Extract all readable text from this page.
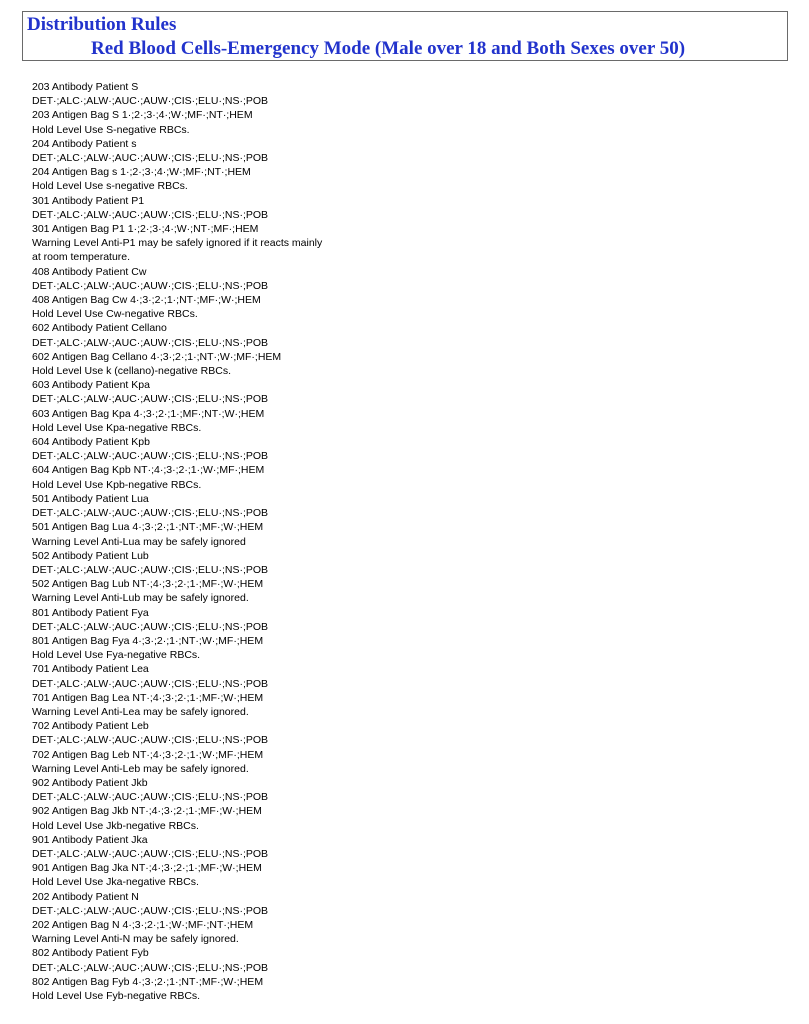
Distribution Rules
Red Blood Cells-Emergency Mode (Male over 18 and Both Sexes over 50)
203 Antibody Patient S
DET·;ALC·;ALW·;AUC·;AUW·;CIS·;ELU·;NS·;POB
203 Antigen Bag S 1·;2·;3·;4·;W·;MF·;NT·;HEM
Hold Level Use S-negative RBCs.
204 Antibody Patient s
DET·;ALC·;ALW·;AUC·;AUW·;CIS·;ELU·;NS·;POB
204 Antigen Bag s 1·;2·;3·;4·;W·;MF·;NT·;HEM
Hold Level Use s-negative RBCs.
301 Antibody Patient P1
DET·;ALC·;ALW·;AUC·;AUW·;CIS·;ELU·;NS·;POB
301 Antigen Bag P1 1·;2·;3·;4·;W·;NT·;MF·;HEM
Warning Level Anti-P1 may be safely ignored if it reacts mainly
at room temperature.
408 Antibody Patient Cw
DET·;ALC·;ALW·;AUC·;AUW·;CIS·;ELU·;NS·;POB
408 Antigen Bag Cw 4·;3·;2·;1·;NT·;MF·;W·;HEM
Hold Level Use Cw-negative RBCs.
602 Antibody Patient Cellano
DET·;ALC·;ALW·;AUC·;AUW·;CIS·;ELU·;NS·;POB
602 Antigen Bag Cellano 4·;3·;2·;1·;NT·;W·;MF·;HEM
Hold Level Use k (cellano)-negative RBCs.
603 Antibody Patient Kpa
DET·;ALC·;ALW·;AUC·;AUW·;CIS·;ELU·;NS·;POB
603 Antigen Bag Kpa 4·;3·;2·;1·;MF·;NT·;W·;HEM
Hold Level Use Kpa-negative RBCs.
604 Antibody Patient Kpb
DET·;ALC·;ALW·;AUC·;AUW·;CIS·;ELU·;NS·;POB
604 Antigen Bag Kpb NT·;4·;3·;2·;1·;W·;MF·;HEM
Hold Level Use Kpb-negative RBCs.
501 Antibody Patient Lua
DET·;ALC·;ALW·;AUC·;AUW·;CIS·;ELU·;NS·;POB
501 Antigen Bag Lua 4·;3·;2·;1·;NT·;MF·;W·;HEM
Warning Level Anti-Lua may be safely ignored
502 Antibody Patient Lub
DET·;ALC·;ALW·;AUC·;AUW·;CIS·;ELU·;NS·;POB
502 Antigen Bag Lub NT·;4·;3·;2·;1·;MF·;W·;HEM
Warning Level Anti-Lub may be safely ignored.
801 Antibody Patient Fya
DET·;ALC·;ALW·;AUC·;AUW·;CIS·;ELU·;NS·;POB
801 Antigen Bag Fya 4·;3·;2·;1·;NT·;W·;MF·;HEM
Hold Level Use Fya-negative RBCs.
701 Antibody Patient Lea
DET·;ALC·;ALW·;AUC·;AUW·;CIS·;ELU·;NS·;POB
701 Antigen Bag Lea NT·;4·;3·;2·;1·;MF·;W·;HEM
Warning Level Anti-Lea may be safely ignored.
702 Antibody Patient Leb
DET·;ALC·;ALW·;AUC·;AUW·;CIS·;ELU·;NS·;POB
702 Antigen Bag Leb NT·;4·;3·;2·;1·;W·;MF·;HEM
Warning Level Anti-Leb may be safely ignored.
902 Antibody Patient Jkb
DET·;ALC·;ALW·;AUC·;AUW·;CIS·;ELU·;NS·;POB
902 Antigen Bag Jkb NT·;4·;3·;2·;1·;MF·;W·;HEM
Hold Level Use Jkb-negative RBCs.
901 Antibody Patient Jka
DET·;ALC·;ALW·;AUC·;AUW·;CIS·;ELU·;NS·;POB
901 Antigen Bag Jka NT·;4·;3·;2·;1·;MF·;W·;HEM
Hold Level Use Jka-negative RBCs.
202 Antibody Patient N
DET·;ALC·;ALW·;AUC·;AUW·;CIS·;ELU·;NS·;POB
202 Antigen Bag N 4·;3·;2·;1·;W·;MF·;NT·;HEM
Warning Level Anti-N may be safely ignored.
802 Antibody Patient Fyb
DET·;ALC·;ALW·;AUC·;AUW·;CIS·;ELU·;NS·;POB
802 Antigen Bag Fyb 4·;3·;2·;1·;NT·;MF·;W·;HEM
Hold Level Use Fyb-negative RBCs.
